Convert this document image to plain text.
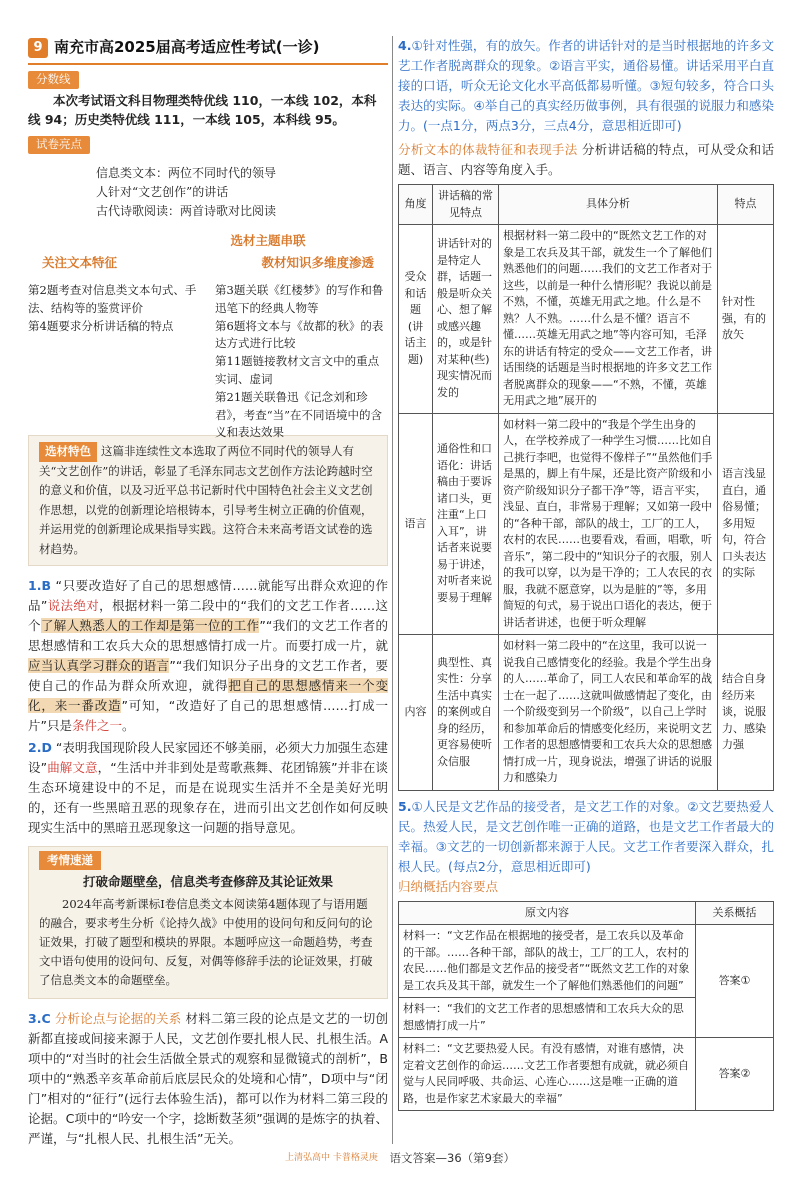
9 南充市高2025届高考适应性考试(一诊)
分数线
本次考试语文科目物理类特优线 110，一本线 102，本科线 94；历史类特优线 111，一本线 105，本科线 95。
试卷亮点
信息类文本：两位不同时代的领导
人针对“文艺创作”的讲话
古代诗歌阅读：两首诗歌对比阅读
选材主题串联
关注文本特征	教材知识多维度渗透
第2题考查对信息类文本句式、手法、结构等的鉴赏评价
第4题要求分析讲话稿的特点
第3题关联《红楼梦》的写作和鲁迅笔下的经典人物等
第6题将文本与《故都的秋》的表达方式进行比较
第11题链接教材文言文中的重点实词、虚词
第21题关联鲁迅《记念刘和珍君》，考查“当”在不同语境中的含义和表达效果
选材特色 这篇非连续性文本选取了两位不同时代的领导人有关“文艺创作”的讲话，彰显了毛泽东同志文艺创作方法论跨越时空的意义和价值，以及习近平总书记新时代中国特色社会主义文艺创作思想，以党的创新理论培根铸本，引导考生树立正确的价值观，并运用党的创新理论成果指导实践。这符合未来高考语文试卷的选材趋势。
1.B “只要改造好了自己的思想感情……就能写出群众欢迎的作品”说法绝对，根据材料一第二段中的“我们的文艺工作者……这个了解人熟悉人的工作却是第一位的工作”“我们的文艺工作者的思想感情和工农兵大众的思想感情打成一片。而要打成一片，就应当认真学习群众的语言”“我们知识分子出身的文艺工作者，要使自己的作品为群众所欢迎，就得把自己的思想感情来一个变化，来一番改造”可知，“改造好了自己的思想感情……打成一片”只是条件之一。
2.D “表明我国现阶段人民家园还不够美丽，必须大力加强生态建设”曲解文意，“生活中并非到处是莺歌燕舞、花团锦簇”并非在谈生态环境建设中的不足，而是在说现实生活并不全是美好光明的，还有一些黑暗丑恶的现象存在，进而引出文艺创作如何反映现实生活中的黑暗丑恶现象这一问题的指导意见。
考情速递
打破命题壁垒，信息类考查修辞及其论证效果

2024年高考新课标Ⅰ卷信息类文本阅读第4题体现了与语用题的融合，要求考生分析《论持久战》中使用的设问句和反问句的论证效果，打破了题型和模块的界限。本题呼应这一命题趋势，考查文中语句使用的设问句、反复，对偶等修辞手法的论证效果，打破了信息类文本的命题壁垒。

3.C 分析论点与论据的关系 材料二第三段的论点是文艺的一切创新都直接或间接来源于人民，文艺创作要扎根人民、扎根生活。A项中的“对当时的社会生活做全景式的观察和显微镜式的剖析”，B项中的“熟悉辛亥革命前后底层民众的处境和心情”，D项中与“闭门”相对的“征行”(远行去体验生活)，都可以作为材料二第三段的论据。C项中的“吟安一个字，捻断数茎须”强调的是炼字的执着、严谨，与“扎根人民、扎根生活”无关。
4.①针对性强，有的放矢。作者的讲话针对的是当时根据地的许多文艺工作者脱离群众的现象。②语言平实，通俗易懂。讲话采用平白直接的口语，听众无论文化水平高低都易听懂。③短句较多，符合口头表达的实际。④举自己的真实经历做事例，具有很强的说服力和感染力。(一点1分，两点3分，三点4分，意思相近即可)
分析文本的体裁特征和表现手法 分析讲话稿的特点，可从受众和话题、语言、内容等角度入手。
角度	讲话稿的常见特点	具体分析	特点
受众和话题(讲话主题)	讲话针对的是特定人群，话题一般是听众关心、想了解或感兴趣的，或是针对某种(些)现实情况而发的	根据材料一第二段中的“既然文艺工作的对象是工农兵及其干部，就发生一个了解他们熟悉他们的问题……我们的文艺工作者对于这些，以前是一种什么情形呢？我说以前是不熟，不懂，英雄无用武之地。什么是不熟？人不熟。……什么是不懂？语言不懂……英雄无用武之地”等内容可知，毛泽东的讲话有特定的受众——文艺工作者，讲话围绕的话题是当时根据地的许多文艺工作者脱离群众的现象——“不熟，不懂，英雄无用武之地”展开的	针对性强，有的放矢
语言	通俗性和口语化：讲话稿由于要诉诸口头，更注重“上口入耳”，讲话者来说要易于讲述，对听者来说要易于理解	如材料一第二段中的“我是个学生出身的人，在学校养成了一种学生习惯……比如自己挑行李吧，也觉得不像样子”“虽然他们手是黑的，脚上有牛屎，还是比资产阶级和小资产阶级知识分子都干净”等，语言平实，浅显、直白，非常易于理解；又如第一段中的“各种干部，部队的战士，工厂的工人，农村的农民……也要看戏，看画，唱歌，听音乐”，第二段中的“知识分子的衣服，别人的我可以穿，以为是干净的；工人农民的衣服，我就不愿意穿，以为是脏的”等，多用简短的句式，易于说出口语化的表达，便于讲话者讲述，也便于听众理解	语言浅显直白，通俗易懂；多用短句，符合口头表达的实际
内容	典型性、真实性：分享生活中真实的案例或自身的经历，更容易使听众信服	如材料一第二段中的“在这里，我可以说一说我自己感情变化的经验。我是个学生出身的人……革命了，同工人农民和革命军的战士在一起了……这就叫做感情起了变化，由一个阶级变到另一个阶级”，以自己上学时和参加革命后的情感变化经历，来说明文艺工作者的思想感情要和工农兵大众的思想感情打成一片，现身说法，增强了讲话的说服力和感染力	结合自身经历来谈，说服力、感染力强
5.①人民是文艺作品的接受者，是文艺工作的对象。②文艺要热爱人民。热爱人民，是文艺创作唯一正确的道路，也是文艺工作者最大的幸福。③文艺的一切创新都来源于人民。文艺工作者要深入群众，扎根人民。(每点2分，意思相近即可)
归纳概括内容要点
原文内容	关系概括
材料一：“文艺作品在根据地的接受者，是工农兵以及革命的干部。……各种干部，部队的战士，工厂的工人，农村的农民……他们都是文艺作品的接受者”“既然文艺工作的对象是工农兵及其干部，就发生一个了解他们熟悉他们的问题”	答案①
材料一：“我们的文艺工作者的思想感情和工农兵大众的思想感情打成一片”	
材料二：“文艺要热爱人民。有没有感情，对谁有感情，决定着文艺创作的命运……文艺工作者要想有成就，就必须自觉与人民同呼吸、共命运、心连心……这是唯一正确的道路，也是作家艺术家最大的幸福”	答案②
上清弘高中 卡普格灵庚 语文答案—36（第9套）
